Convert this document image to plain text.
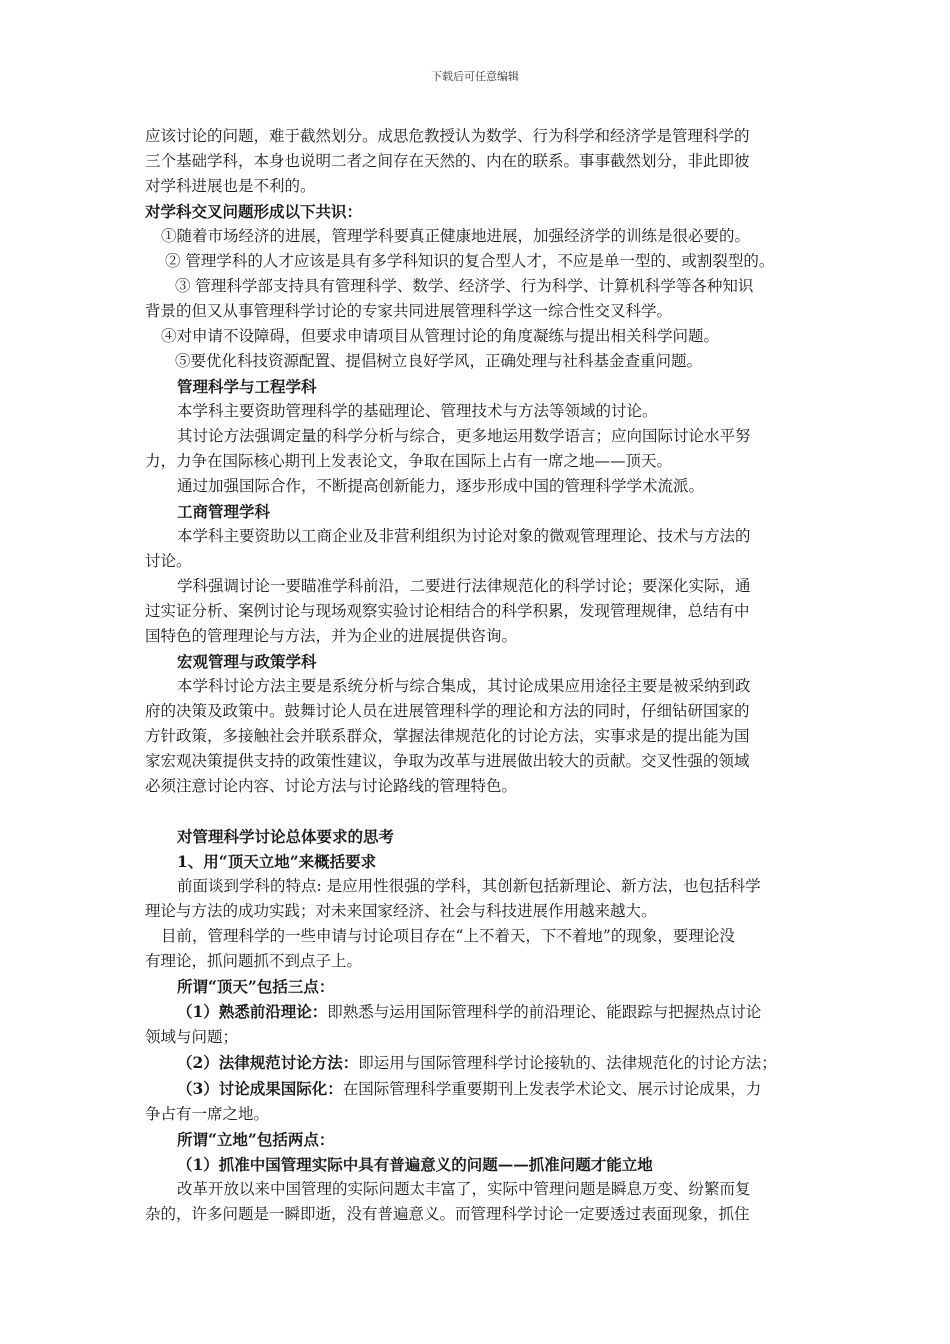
下载后可任意编辑

应该讨论的问题，难于截然划分。成思危教授认为数学、行为科学和经济学是管理科学的

三个基础学科，本身也说明二者之间存在天然的、内在的联系。事事截然划分，非此即彼

对学科进展也是不利的。

对学科交叉问题形成以下共识：

①随着市场经济的进展，管理学科要真正健康地进展，加强经济学的训练是很必要的。

② 管理学科的人才应该是具有多学科知识的复合型人才，不应是单一型的、或割裂型的。

③ 管理科学部支持具有管理科学、数学、经济学、行为科学、计算机科学等各种知识

背景的但又从事管理科学讨论的专家共同进展管理科学这一综合性交叉科学。

④对申请不设障碍，但要求申请项目从管理讨论的角度凝练与提出相关科学问题。

⑤要优化科技资源配置、提倡树立良好学风，正确处理与社科基金查重问题。

管理科学与工程学科

本学科主要资助管理科学的基础理论、管理技术与方法等领域的讨论。

其讨论方法强调定量的科学分析与综合，更多地运用数学语言；应向国际讨论水平努

力，力争在国际核心期刊上发表论文，争取在国际上占有一席之地——顶天。

通过加强国际合作，不断提高创新能力，逐步形成中国的管理科学学术流派。

工商管理学科

本学科主要资助以工商企业及非营利组织为讨论对象的微观管理理论、技术与方法的

讨论。

学科强调讨论一要瞄准学科前沿，二要进行法律规范化的科学讨论；要深化实际，通

过实证分析、案例讨论与现场观察实验讨论相结合的科学积累，发现管理规律，总结有中

国特色的管理理论与方法，并为企业的进展提供咨询。

宏观管理与政策学科

本学科讨论方法主要是系统分析与综合集成，其讨论成果应用途径主要是被采纳到政

府的决策及政策中。鼓舞讨论人员在进展管理科学的理论和方法的同时，仔细钻研国家的

方针政策，多接触社会并联系群众，掌握法律规范化的讨论方法，实事求是的提出能为国

家宏观决策提供支持的政策性建议，争取为改革与进展做出较大的贡献。交叉性强的领域

必须注意讨论内容、讨论方法与讨论路线的管理特色。

对管理科学讨论总体要求的思考

1、用“顶天立地”来概括要求

前面谈到学科的特点: 是应用性很强的学科，其创新包括新理论、新方法，也包括科学

理论与方法的成功实践；对未来国家经济、社会与科技进展作用越来越大。

目前，管理科学的一些申请与讨论项目存在“上不着天，下不着地”的现象，要理论没

有理论，抓问题抓不到点子上。

所谓“顶天”包括三点：

（1）熟悉前沿理论：即熟悉与运用国际管理科学的前沿理论、能跟踪与把握热点讨论

领域与问题；

（2）法律规范讨论方法：即运用与国际管理科学讨论接轨的、法律规范化的讨论方法；

（3）讨论成果国际化：在国际管理科学重要期刊上发表学术论文、展示讨论成果，力

争占有一席之地。

所谓“立地”包括两点：

（1）抓准中国管理实际中具有普遍意义的问题——抓准问题才能立地

改革开放以来中国管理的实际问题太丰富了，实际中管理问题是瞬息万变、纷繁而复

杂的，许多问题是一瞬即逝，没有普遍意义。而管理科学讨论一定要透过表面现象，抓住
